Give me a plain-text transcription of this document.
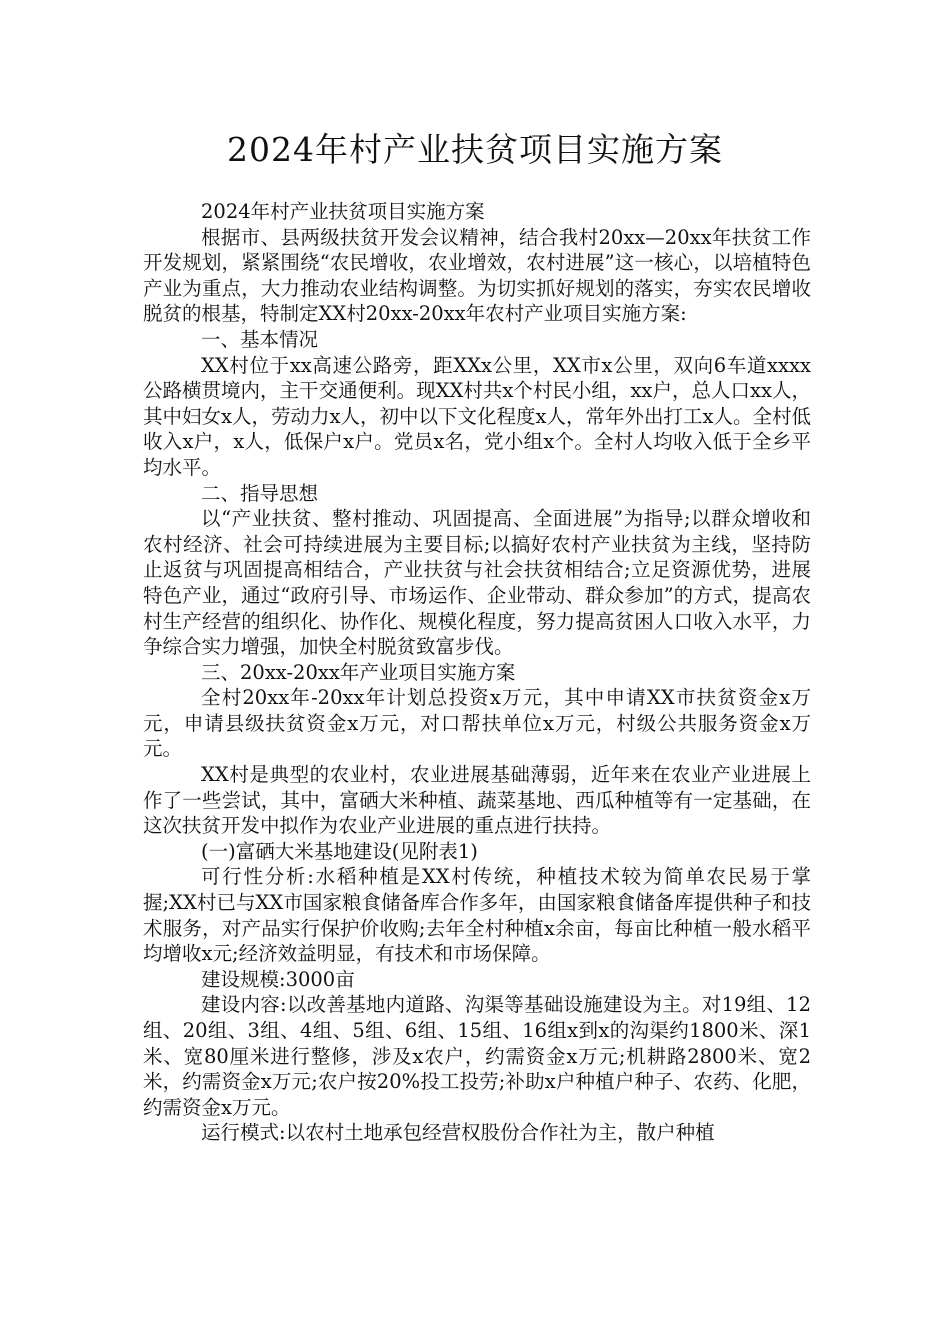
2024年村产业扶贫项目实施方案

2024年村产业扶贫项目实施方案

根据市、县两级扶贫开发会议精神，结合我村20xx—20xx年扶贫工作开发规划，紧紧围绕“农民增收，农业增效，农村进展”这一核心，以培植特色产业为重点，大力推动农业结构调整。为切实抓好规划的落实，夯实农民增收脱贫的根基，特制定XX村20xx-20xx年农村产业项目实施方案:

一、基本情况

XX村位于xx高速公路旁，距XXx公里，XX市x公里，双向6车道xxxx公路横贯境内，主干交通便利。现XX村共x个村民小组，xx户，总人口xx人，其中妇女x人，劳动力x人，初中以下文化程度x人，常年外出打工x人。全村低收入x户，x人，低保户x户。党员x名，党小组x个。全村人均收入低于全乡平均水平。

二、指导思想

以“产业扶贫、整村推动、巩固提高、全面进展”为指导;以群众增收和农村经济、社会可持续进展为主要目标;以搞好农村产业扶贫为主线，坚持防止返贫与巩固提高相结合，产业扶贫与社会扶贫相结合;立足资源优势，进展特色产业，通过“政府引导、市场运作、企业带动、群众参加”的方式，提高农村生产经营的组织化、协作化、规模化程度，努力提高贫困人口收入水平，力争综合实力增强，加快全村脱贫致富步伐。

三、20xx-20xx年产业项目实施方案

全村20xx年-20xx年计划总投资x万元，其中申请XX市扶贫资金x万元，申请县级扶贫资金x万元，对口帮扶单位x万元，村级公共服务资金x万元。

XX村是典型的农业村，农业进展基础薄弱，近年来在农业产业进展上作了一些尝试，其中，富硒大米种植、蔬菜基地、西瓜种植等有一定基础，在这次扶贫开发中拟作为农业产业进展的重点进行扶持。

(一)富硒大米基地建设(见附表1)

可行性分析:水稻种植是XX村传统，种植技术较为简单农民易于掌握;XX村已与XX市国家粮食储备库合作多年，由国家粮食储备库提供种子和技术服务，对产品实行保护价收购;去年全村种植x余亩，每亩比种植一般水稻平均增收x元;经济效益明显，有技术和市场保障。

建设规模:3000亩

建设内容:以改善基地内道路、沟渠等基础设施建设为主。对19组、12组、20组、3组、4组、5组、6组、15组、16组x到x的沟渠约1800米、深1米、宽80厘米进行整修，涉及x农户，约需资金x万元;机耕路2800米、宽2米，约需资金x万元;农户按20%投工投劳;补助x户种植户种子、农药、化肥，约需资金x万元。

运行模式:以农村土地承包经营权股份合作社为主，散户种植
